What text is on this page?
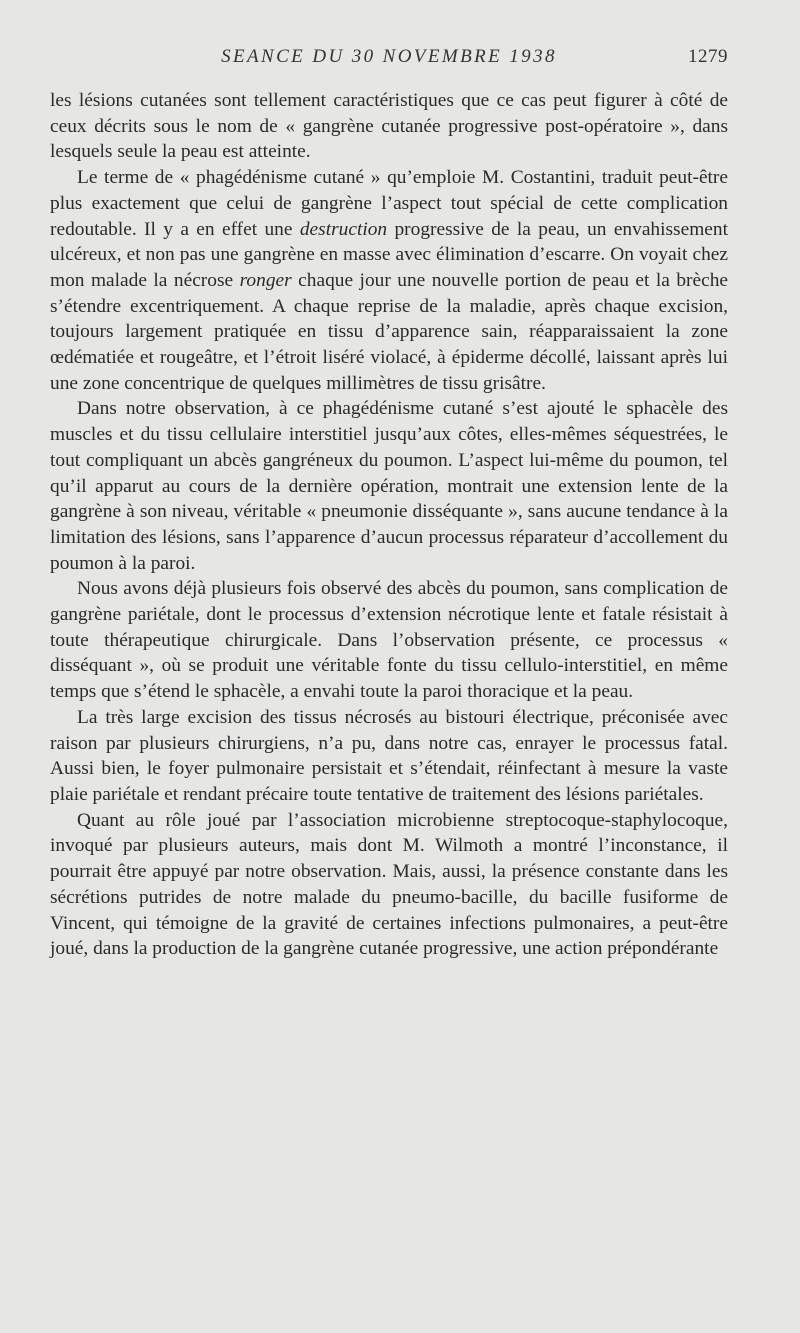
SEANCE DU 30 NOVEMBRE 1938	1279

les lésions cutanées sont tellement caractéristiques que ce cas peut figurer à côté de ceux décrits sous le nom de « gangrène cutanée progressive post-opératoire », dans lesquels seule la peau est atteinte.

Le terme de « phagédénisme cutané » qu’emploie M. Costantini, traduit peut-être plus exactement que celui de gangrène l’aspect tout spécial de cette complication redoutable. Il y a en effet une destruction progressive de la peau, un envahissement ulcéreux, et non pas une gangrène en masse avec élimination d’escarre. On voyait chez mon malade la nécrose ronger chaque jour une nouvelle portion de peau et la brèche s’étendre excentriquement. A chaque reprise de la maladie, après chaque excision, toujours largement pratiquée en tissu d’apparence sain, réapparaissaient la zone œdématiée et rougeâtre, et l’étroit liséré violacé, à épiderme décollé, laissant après lui une zone concentrique de quelques millimètres de tissu grisâtre.

Dans notre observation, à ce phagédénisme cutané s’est ajouté le sphacèle des muscles et du tissu cellulaire interstitiel jusqu’aux côtes, elles-mêmes séquestrées, le tout compliquant un abcès gangréneux du poumon. L’aspect lui-même du poumon, tel qu’il apparut au cours de la dernière opération, montrait une extension lente de la gangrène à son niveau, véritable « pneumonie disséquante », sans aucune tendance à la limitation des lésions, sans l’apparence d’aucun processus réparateur d’accollement du poumon à la paroi.

Nous avons déjà plusieurs fois observé des abcès du poumon, sans complication de gangrène pariétale, dont le processus d’extension nécrotique lente et fatale résistait à toute thérapeutique chirurgicale. Dans l’observation présente, ce processus « disséquant », où se produit une véritable fonte du tissu cellulo-interstitiel, en même temps que s’étend le sphacèle, a envahi toute la paroi thoracique et la peau.

La très large excision des tissus nécrosés au bistouri électrique, préconisée avec raison par plusieurs chirurgiens, n’a pu, dans notre cas, enrayer le processus fatal. Aussi bien, le foyer pulmonaire persistait et s’étendait, réinfectant à mesure la vaste plaie pariétale et rendant précaire toute tentative de traitement des lésions pariétales.

Quant au rôle joué par l’association microbienne streptocoque-staphylocoque, invoqué par plusieurs auteurs, mais dont M. Wilmoth a montré l’inconstance, il pourrait être appuyé par notre observation. Mais, aussi, la présence constante dans les sécrétions putrides de notre malade du pneumo-bacille, du bacille fusiforme de Vincent, qui témoigne de la gravité de certaines infections pulmonaires, a peut-être joué, dans la production de la gangrène cutanée progressive, une action prépondérante
